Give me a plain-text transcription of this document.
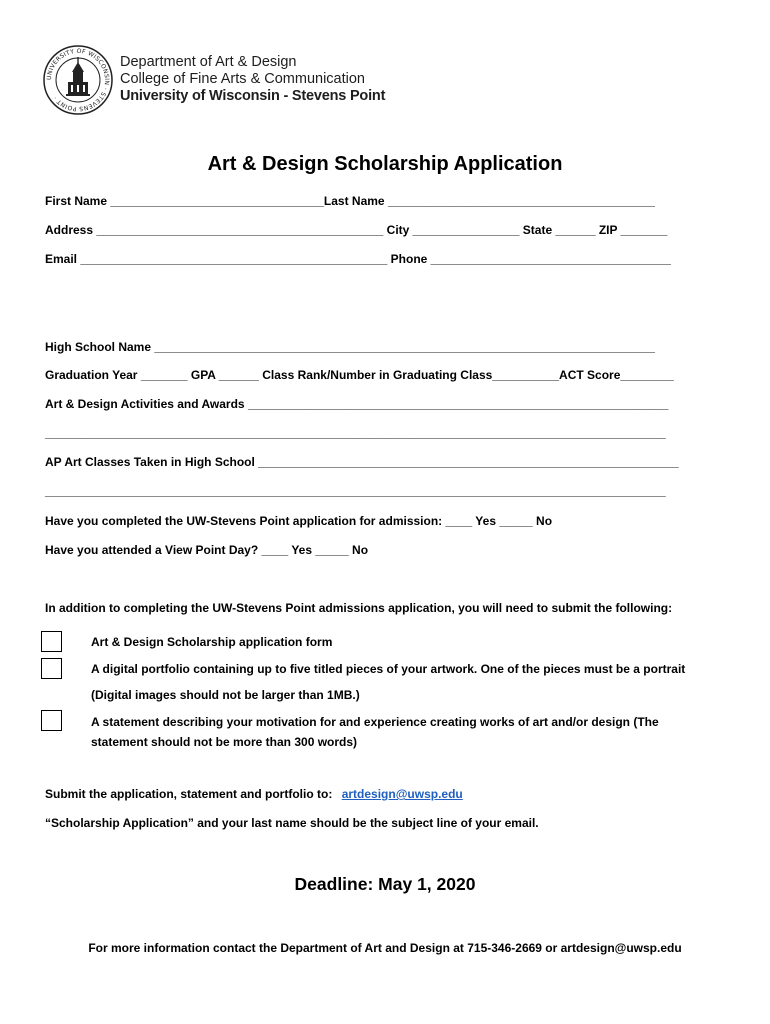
UNIVERSITY OF WISCONSIN · STEVENS POINT ·
Department of Art & Design
College of Fine Arts & Communication
University of Wisconsin - Stevens Point
Art & Design Scholarship Application
First Name ________________________________Last Name ________________________________________
Address ___________________________________________ City ________________ State ______ ZIP _______
Email ______________________________________________ Phone ____________________________________
High School Name ___________________________________________________________________________
Graduation Year _______ GPA ______ Class Rank/Number in Graduating Class__________ACT Score________
Art & Design Activities and Awards _______________________________________________________________
_____________________________________________________________________________________________
AP Art Classes Taken in High School _______________________________________________________________
_____________________________________________________________________________________________
Have you completed the UW-Stevens Point application for admission: ____ Yes _____ No
Have you attended a View Point Day? ____ Yes _____ No
In addition to completing the UW-Stevens Point admissions application, you will need to submit the following:
Art & Design Scholarship application form
A digital portfolio containing up to five titled pieces of your artwork. One of the pieces must be a portrait
(Digital images should not be larger than 1MB.)
A statement describing your motivation for and experience creating works of art and/or design (The
statement should not be more than 300 words)
Submit the application, statement and portfolio to: artdesign@uwsp.edu
“Scholarship Application” and your last name should be the subject line of your email.
Deadline: May 1, 2020
For more information contact the Department of Art and Design at 715-346-2669 or artdesign@uwsp.edu
